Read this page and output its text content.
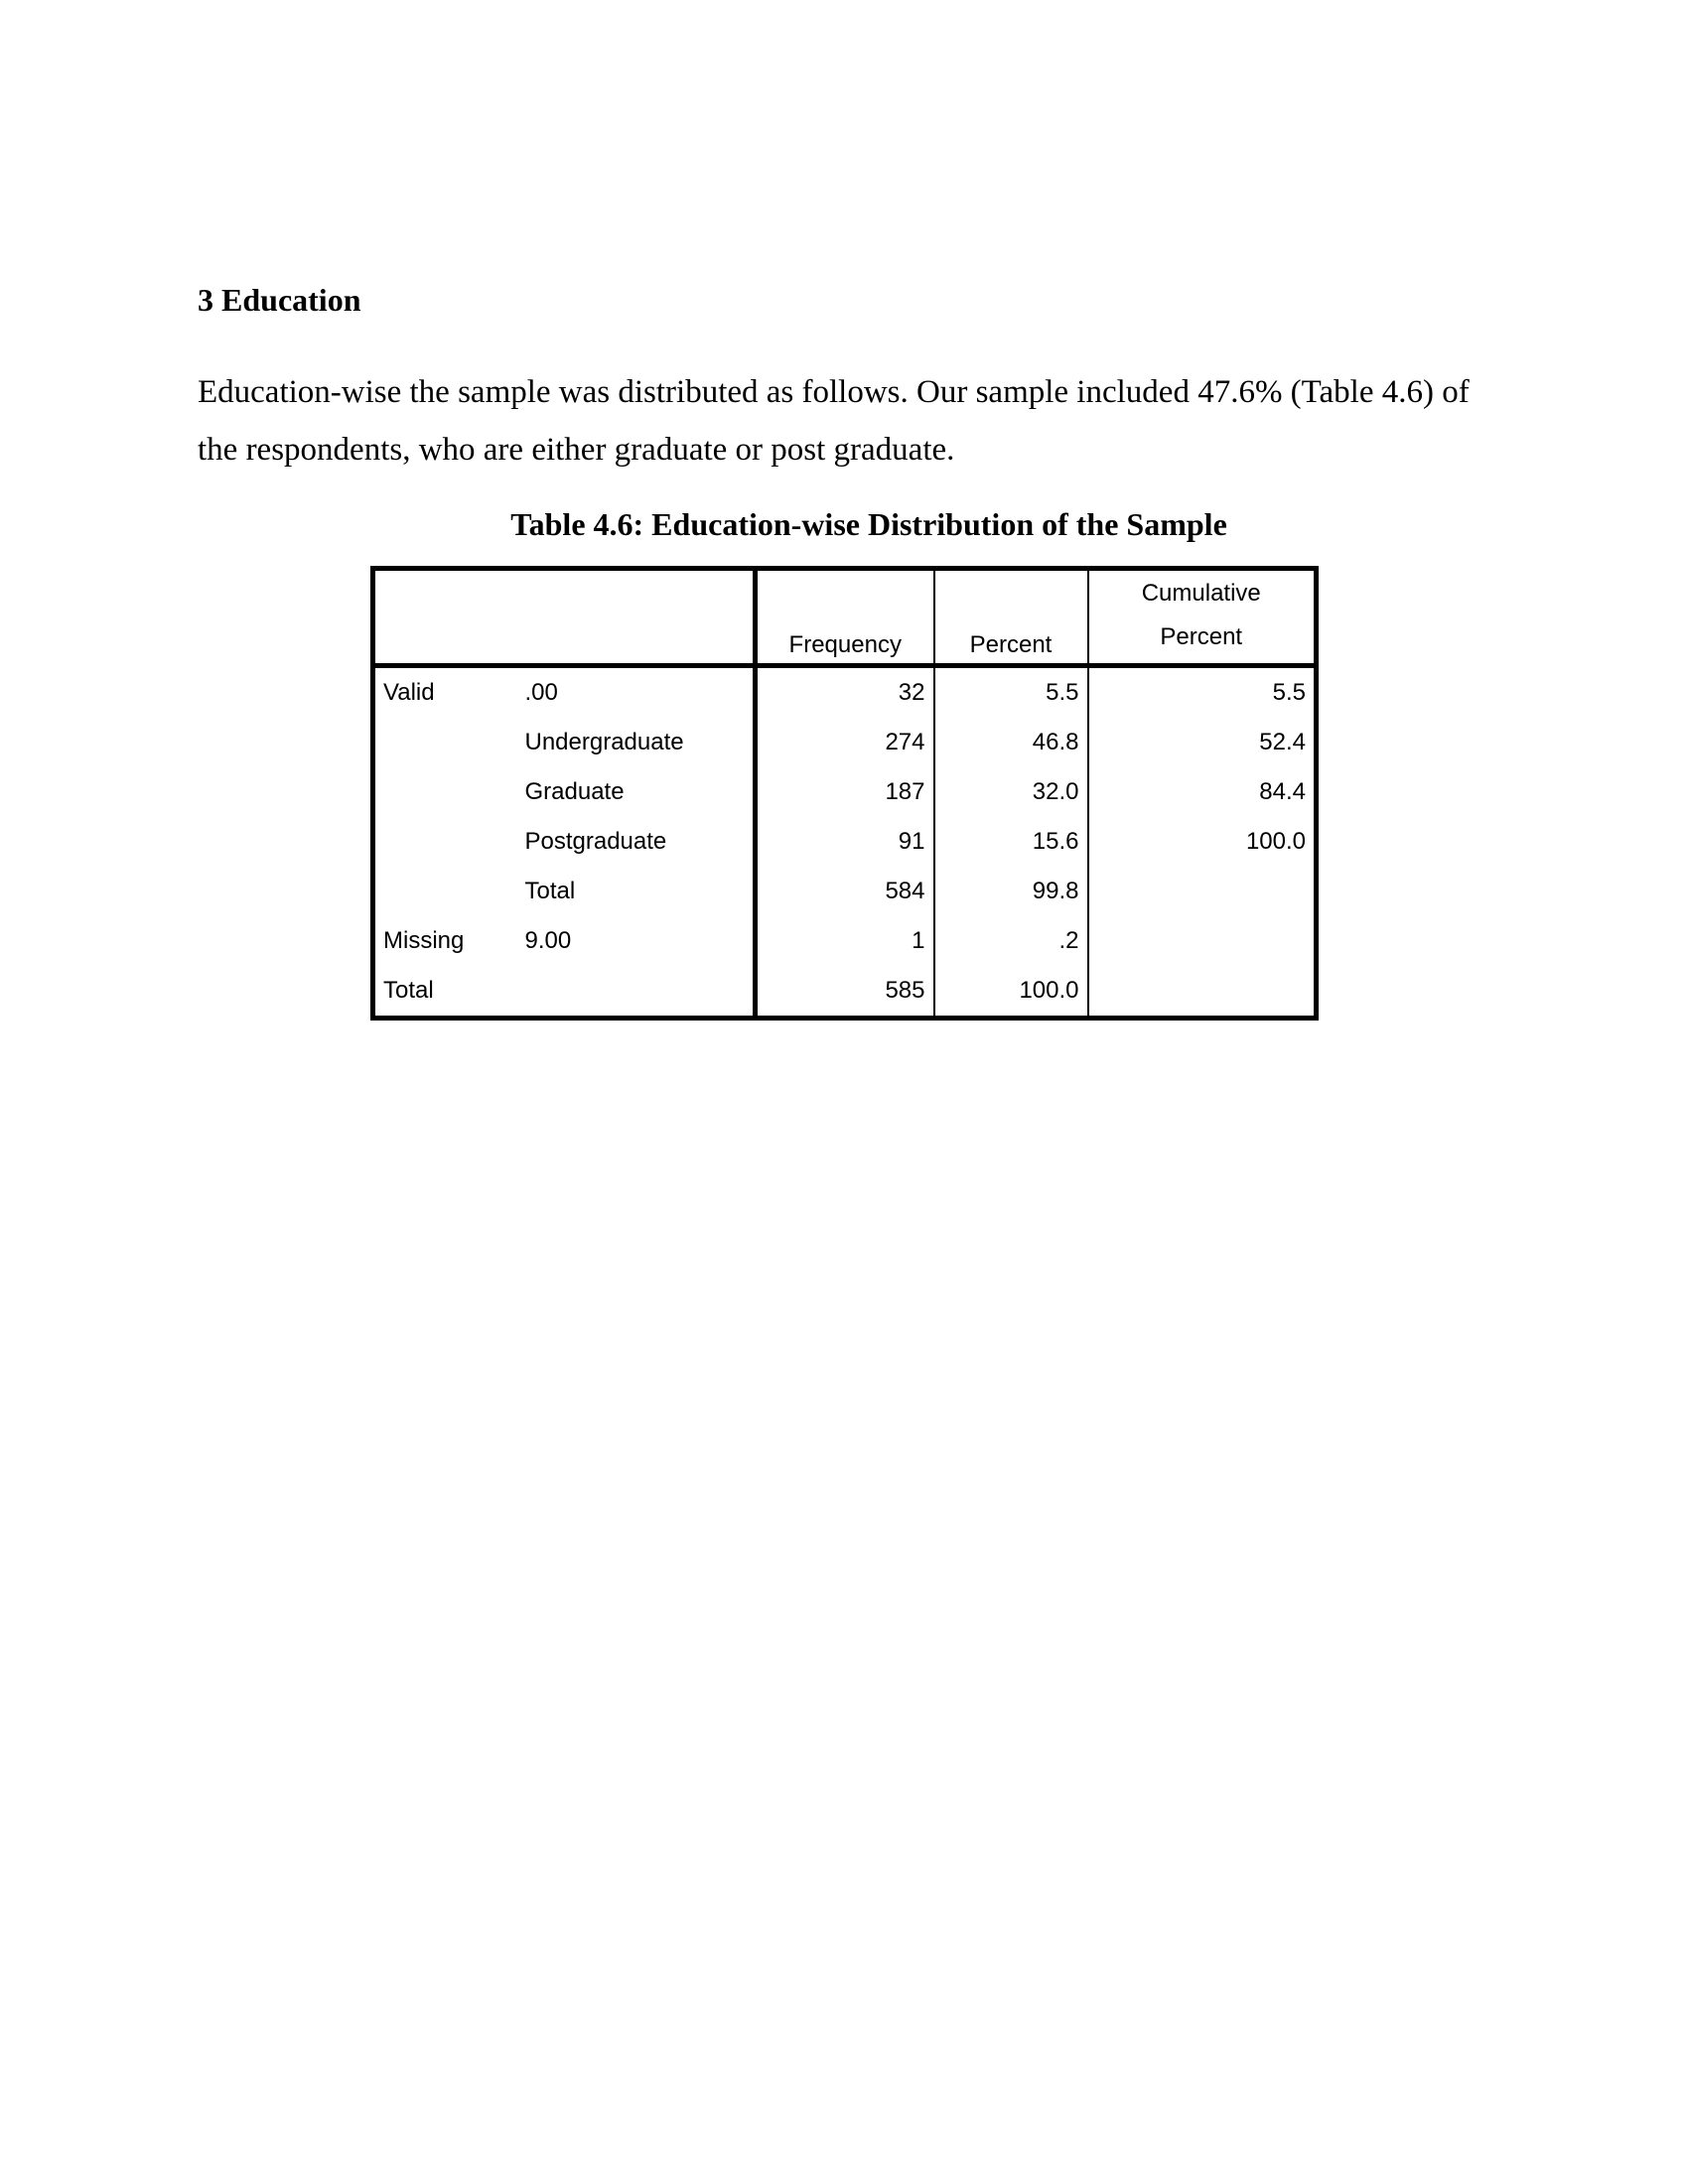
3 Education

Education-wise the sample was distributed as follows. Our sample included 47.6% (Table 4.6) of
the respondents, who are either graduate or post graduate.

Table 4.6: Education-wise Distribution of the Sample

		Frequency	Percent	Cumulative
Percent

Valid	.00	32	5.5	5.5
	Undergraduate	274	46.8	52.4
	Graduate	187	32.0	84.4
	Postgraduate	91	15.6	100.0
	Total	584	99.8	
Missing	9.00	1	.2	
Total		585	100.0	
